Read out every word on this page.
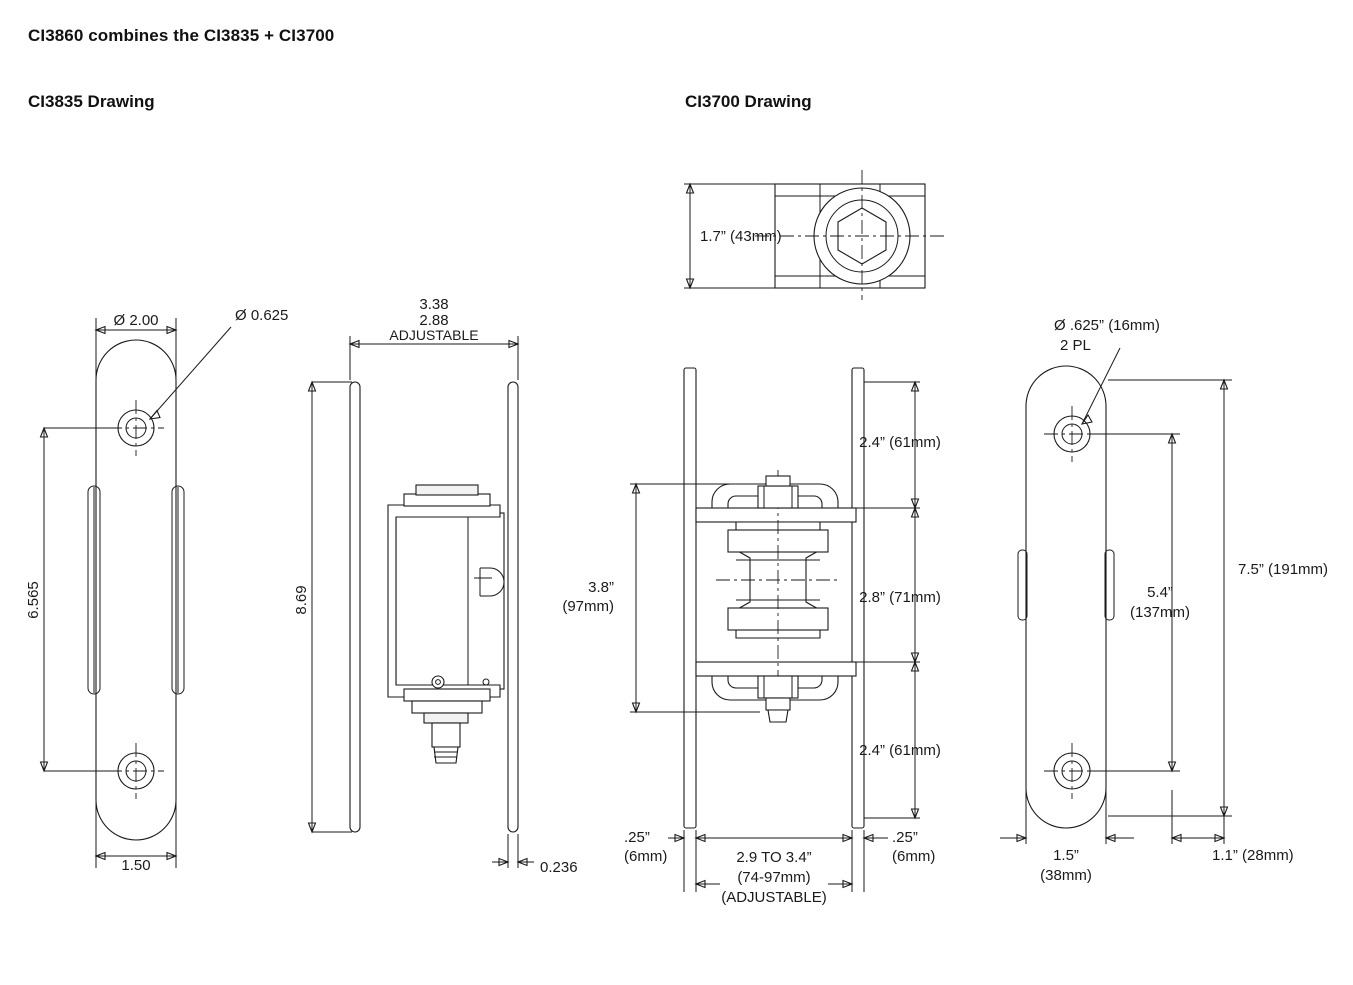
CI3860 combines the CI3835 + CI3700
CI3835 Drawing	CI3700 Drawing
Ø 2.00	Ø 0.625
6.565
1.50
3.38
2.88
ADJUSTABLE
8.69
0.236
1.7” (43mm)
3.8”
(97mm)
2.4” (61mm)
2.8” (71mm)
2.4” (61mm)
.25”
(6mm)
.25”
(6mm)
2.9 TO 3.4”
(74-97mm)
(ADJUSTABLE)
Ø .625” (16mm)
2 PL
7.5” (191mm)
5.4”
(137mm)
1.5”
(38mm)
1.1” (28mm)
